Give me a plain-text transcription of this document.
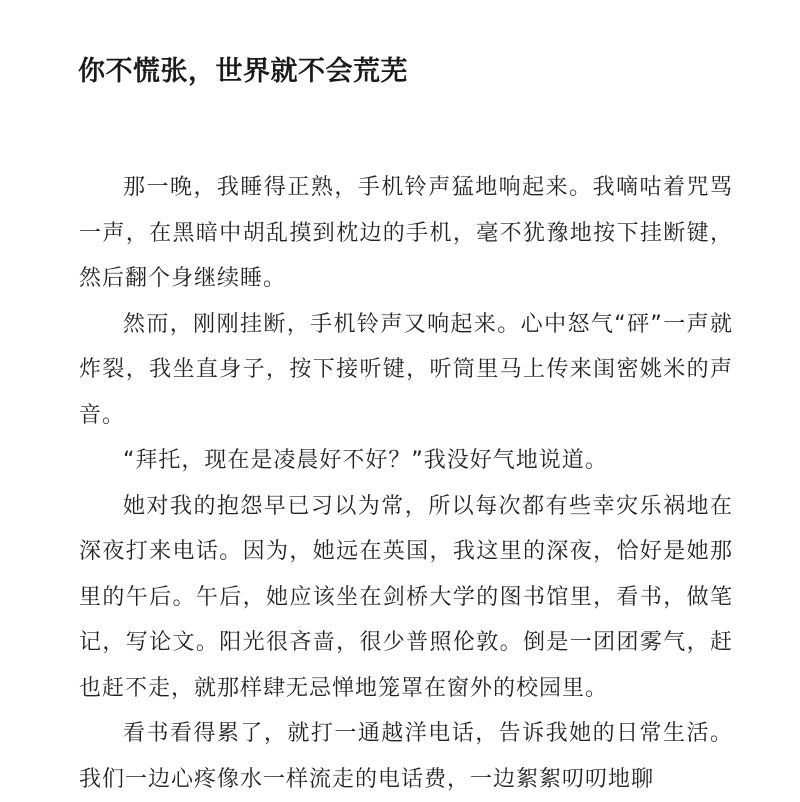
你不慌张，世界就不会荒芜

那一晚，我睡得正熟，手机铃声猛地响起来。我嘀咕着咒骂一声，在黑暗中胡乱摸到枕边的手机，毫不犹豫地按下挂断键，然后翻个身继续睡。

然而，刚刚挂断，手机铃声又响起来。心中怒气“砰”一声就炸裂，我坐直身子，按下接听键，听筒里马上传来闺密姚米的声音。

“拜托，现在是凌晨好不好？”我没好气地说道。

她对我的抱怨早已习以为常，所以每次都有些幸灾乐祸地在深夜打来电话。因为，她远在英国，我这里的深夜，恰好是她那里的午后。午后，她应该坐在剑桥大学的图书馆里，看书，做笔记，写论文。阳光很吝啬，很少普照伦敦。倒是一团团雾气，赶也赶不走，就那样肆无忌惮地笼罩在窗外的校园里。

看书看得累了，就打一通越洋电话，告诉我她的日常生活。我们一边心疼像水一样流走的电话费，一边絮絮叨叨地聊
